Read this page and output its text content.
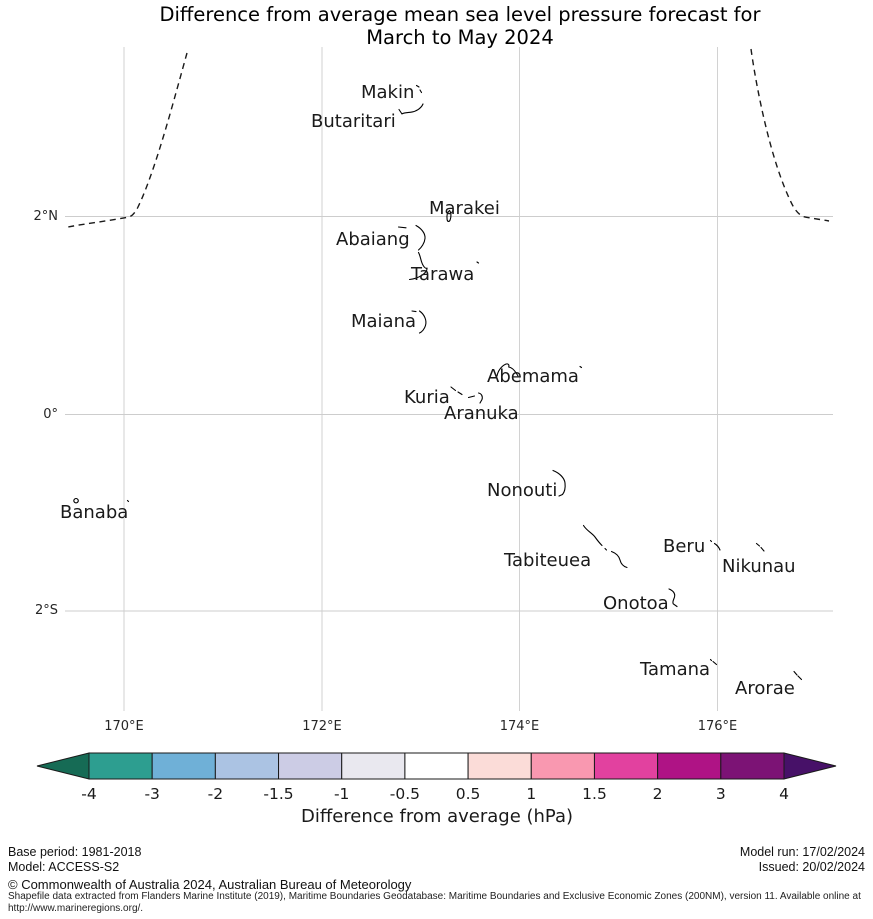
Difference from average mean sea level pressure forecast for
March to May 2024
2°N
0°
2°S
170°E	172°E	174°E	176°E
Makin
Butaritari
Marakei
Abaiang
Tarawa
Maiana
Abemama
Kuria
Aranuka
Nonouti
Banaba
Beru
Nikunau
Tabiteuea
Onotoa
Tamana
Arorae
-4	-3	-2	-1.5	-1	-0.5 0.5	1	1.5	2	3	4
Difference from average (hPa)
Base period: 1981-2018
Model: ACCESS-S2
Model run: 17/02/2024
Issued: 20/02/2024
© Commonwealth of Australia 2024, Australian Bureau of Meteorology
Shapefile data extracted from Flanders Marine Institute (2019), Maritime Boundaries Geodatabase: Maritime Boundaries and Exclusive Economic Zones (200NM), version 11. Available online at http://www.marineregions.org/.
